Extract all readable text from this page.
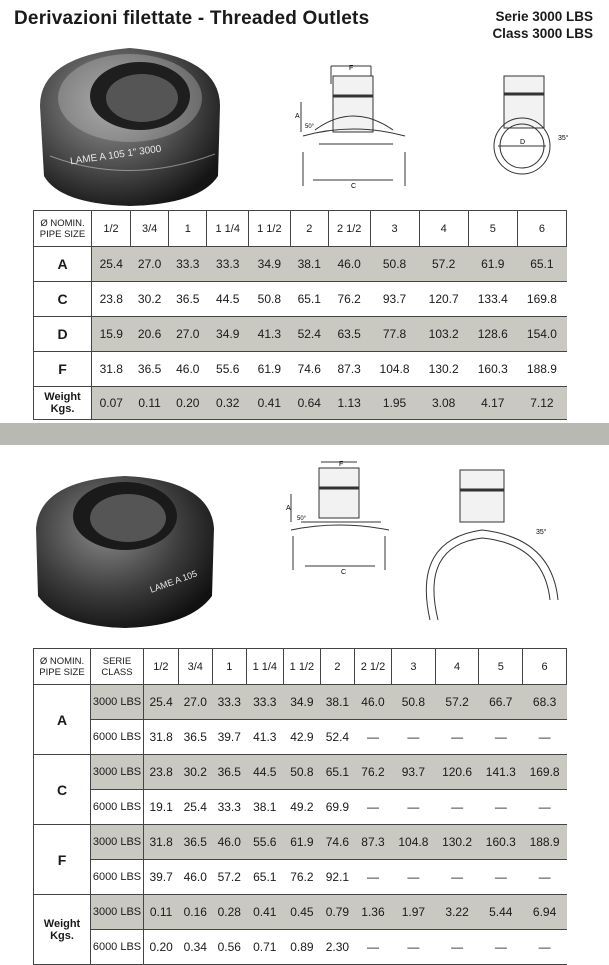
Derivazioni filettate - Threaded Outlets	Serie 3000 LBS
Class 3000 LBS
LAME A 105 1" 3000
F
A
50°
C
D
35°
Ø NOMIN. PIPE SIZE	1/2	3/4	1	1 1/4	1 1/2	2	2 1/2	3	4	5	6
A	25.4	27.0	33.3	33.3	34.9	38.1	46.0	50.8	57.2	61.9	65.1
C	23.8	30.2	36.5	44.5	50.8	65.1	76.2	93.7	120.7	133.4	169.8
D	15.9	20.6	27.0	34.9	41.3	52.4	63.5	77.8	103.2	128.6	154.0
F	31.8	36.5	46.0	55.6	61.9	74.6	87.3	104.8	130.2	160.3	188.9
Weight Kgs.	0.07	0.11	0.20	0.32	0.41	0.64	1.13	1.95	3.08	4.17	7.12
LAME A 105
F
A
50°
C
35°
Ø NOMIN. PIPE SIZE	SERIE CLASS	1/2	3/4	1	1 1/4	1 1/2	2	2 1/2	3	4	5	6
A	3000 LBS	25.4	27.0	33.3	33.3	34.9	38.1	46.0	50.8	57.2	66.7	68.3
	6000 LBS	31.8	36.5	39.7	41.3	42.9	52.4	—	—	—	—	—
C	3000 LBS	23.8	30.2	36.5	44.5	50.8	65.1	76.2	93.7	120.6	141.3	169.8
	6000 LBS	19.1	25.4	33.3	38.1	49.2	69.9	—	—	—	—	—
F	3000 LBS	31.8	36.5	46.0	55.6	61.9	74.6	87.3	104.8	130.2	160.3	188.9
	6000 LBS	39.7	46.0	57.2	65.1	76.2	92.1	—	—	—	—	—
Weight Kgs.	3000 LBS	0.11	0.16	0.28	0.41	0.45	0.79	1.36	1.97	3.22	5.44	6.94
	6000 LBS	0.20	0.34	0.56	0.71	0.89	2.30	—	—	—	—	—
